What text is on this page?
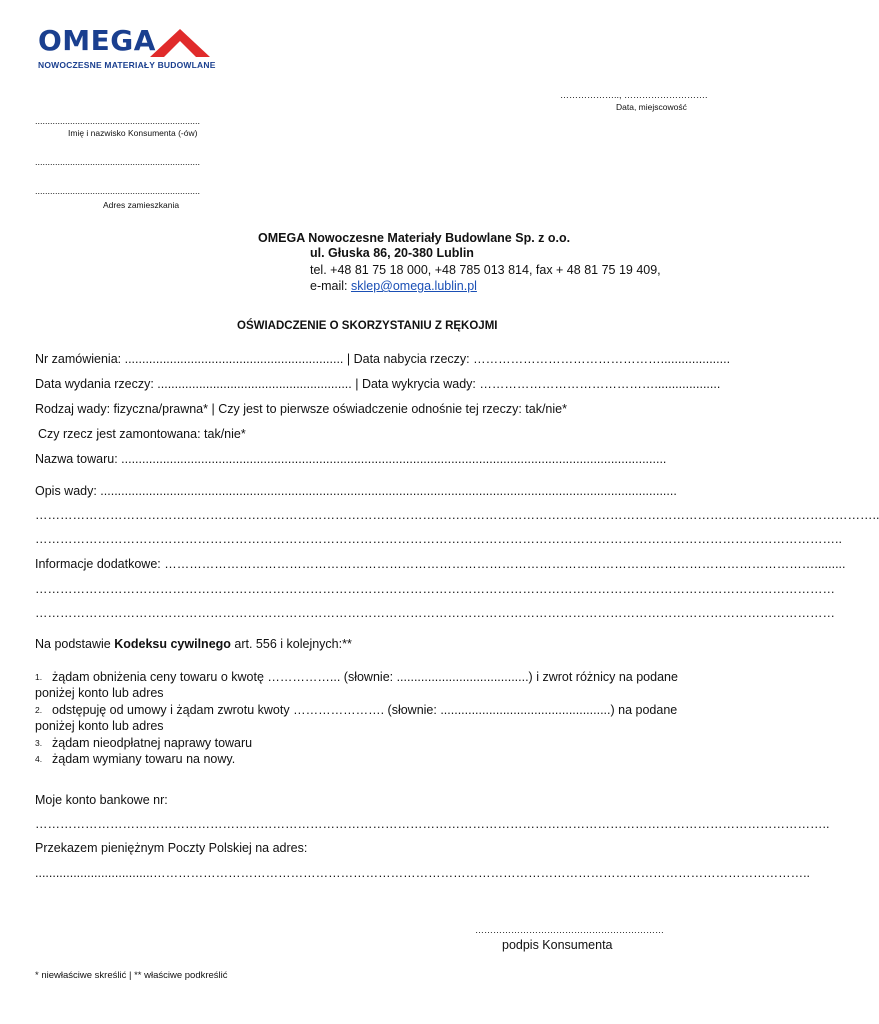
OMEGA
NOWOCZESNE MATERIAŁY BUDOWLANE
……………….., ……………………….
Data, miejscowość
..................................................................
Imię i nazwisko Konsumenta (-ów)
..................................................................
..................................................................
Adres zamieszkania
OMEGA Nowoczesne Materiały Budowlane Sp. z o.o.
ul. Głuska 86, 20-380 Lublin
tel. +48 81 75 18 000, +48 785 013 814, fax + 48 81 75 19 409,
e-mail: sklep@omega.lublin.pl
OŚWIADCZENIE O SKORZYSTANIU Z RĘKOJMI
Nr zamówienia: ............................................................... | Data nabycia rzeczy: ………………………………………....................
Data wydania rzeczy: ........................................................ | Data wykrycia wady: ……………………………………...................
Rodzaj wady: fizyczna/prawna* | Czy jest to pierwsze oświadczenie odnośnie tej rzeczy: tak/nie*
Czy rzecz jest zamontowana: tak/nie*
Nazwa towaru: .............................................................................................................................................................
Opis wady: ......................................................................................................................................................................
…………………………………………………………………………………………………………………………………………………………………………………..
…………………………………………………………………………………………………………………………………………………………………………..
Informacje dodatkowe: ………………………………………………………………………………………………………………………………………….........
…………………………………………………………………………………………………………………………………………………………………………
…………………………………………………………………………………………………………………………………………………………………………
Na podstawie Kodeksu cywilnego art. 556 i kolejnych:**
1. żądam obniżenia ceny towaru o kwotę ……………... (słownie: ......................................) i zwrot różnicy na podane
poniżej konto lub adres
2. odstępuję od umowy i żądam zwrotu kwoty …………………. (słownie: .................................................) na podane
poniżej konto lub adres
3. żądam nieodpłatnej naprawy towaru
4. żądam wymiany towaru na nowy.
Moje konto bankowe nr:
………………………………………………………………………………………………………………………………………………………………………..
Przekazem pieniężnym Poczty Polskiej na adres:
..................................…………………………………………………………………………………………………………………………………………..
………………………………………………………
podpis Konsumenta
* niewłaściwe skreślić | ** właściwe podkreślić
